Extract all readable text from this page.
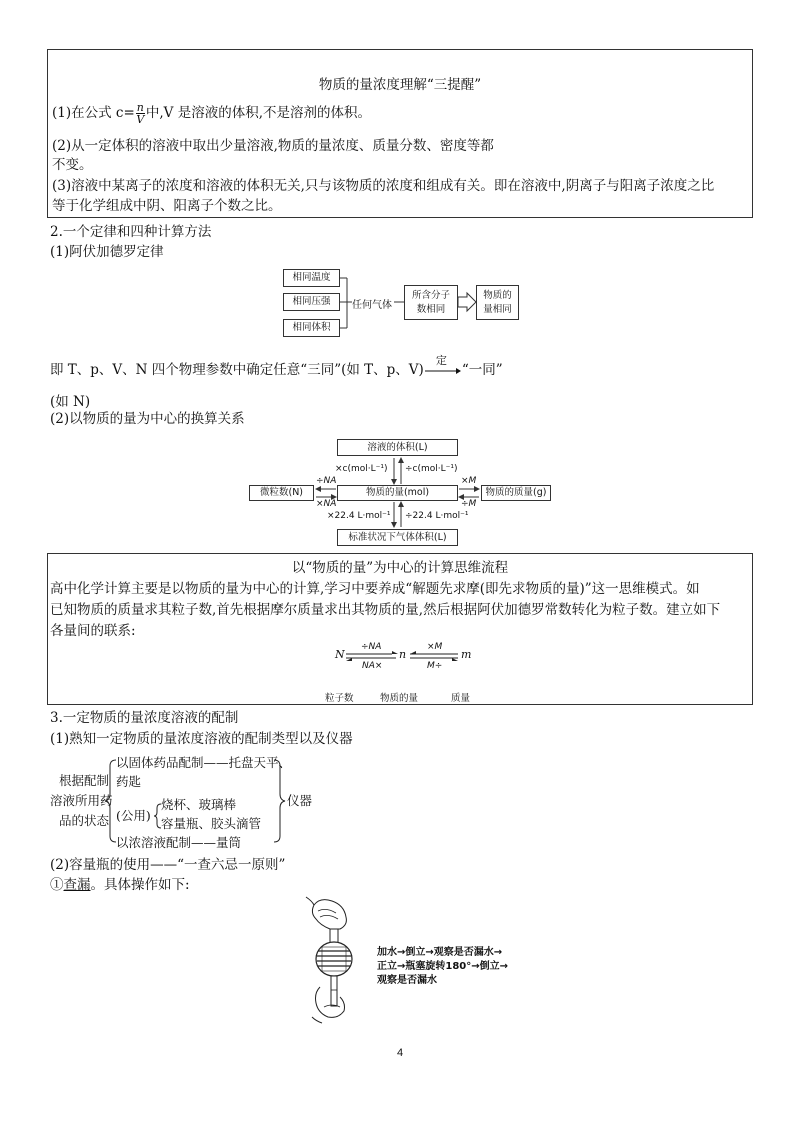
物质的量浓度理解“三提醒”
(1)在公式 $c= \frac{n}{V}$ 中,V 是溶液的体积,不是溶剂的体积。
(2)从一定体积的溶液中取出少量溶液,物质的量浓度、质量分数、密度等都
不变。
(3)溶液中某离子的浓度和溶液的体积无关,只与该物质的浓度和组成有关。即在溶液中,阴离子与阳离子浓度之比
等于化学组成中阴、阳离子个数之比。
2.一个定律和四种计算方法
(1)阿伏加德罗定律
相同温度
相同压强
相同体积
任何气体
所含分子
数相同
物质的
量相同
即 T、p、V、N 四个物理参数中确定任意“三同”(如 T、p、V)
定
“一同”
(如 N)
(2)以物质的量为中心的换算关系
溶液的体积(L)
物质的量(mol)
微粒数(N)	物质的质量(g)
标准状况下气体体积(L)
×c(mol·L⁻¹) ÷c(mol·L⁻¹)
÷NA
×NA
×M
÷M
×22.4 L·mol⁻¹ ÷22.4 L·mol⁻¹
以“物质的量”为中心的计算思维流程
高中化学计算主要是以物质的量为中心的计算,学习中要养成“解题先求摩(即先求物质的量)”这一思维模式。如
已知物质的质量求其粒子数,首先根据摩尔质量求出其物质的量,然后根据阿伏加德罗常数转化为粒子数。建立如下
各量间的联系:
N	n	m
÷NA
NA×
×M
M÷
粒子数	物质的量	质量
3.一定物质的量浓度溶液的配制
(1)熟知一定物质的量浓度溶液的配制类型以及仪器
根据配制
溶液所用药
品的状态
以固体药品配制——托盘天平、
药匙
(公用)
烧杯、玻璃棒
容量瓶、胶头滴管
以浓溶液配制——量筒
仪器
(2)容量瓶的使用——“一查六忌一原则”
①查漏。具体操作如下:
加水→倒立→观察是否漏水→
正立→瓶塞旋转180°→倒立→
观察是否漏水
4
